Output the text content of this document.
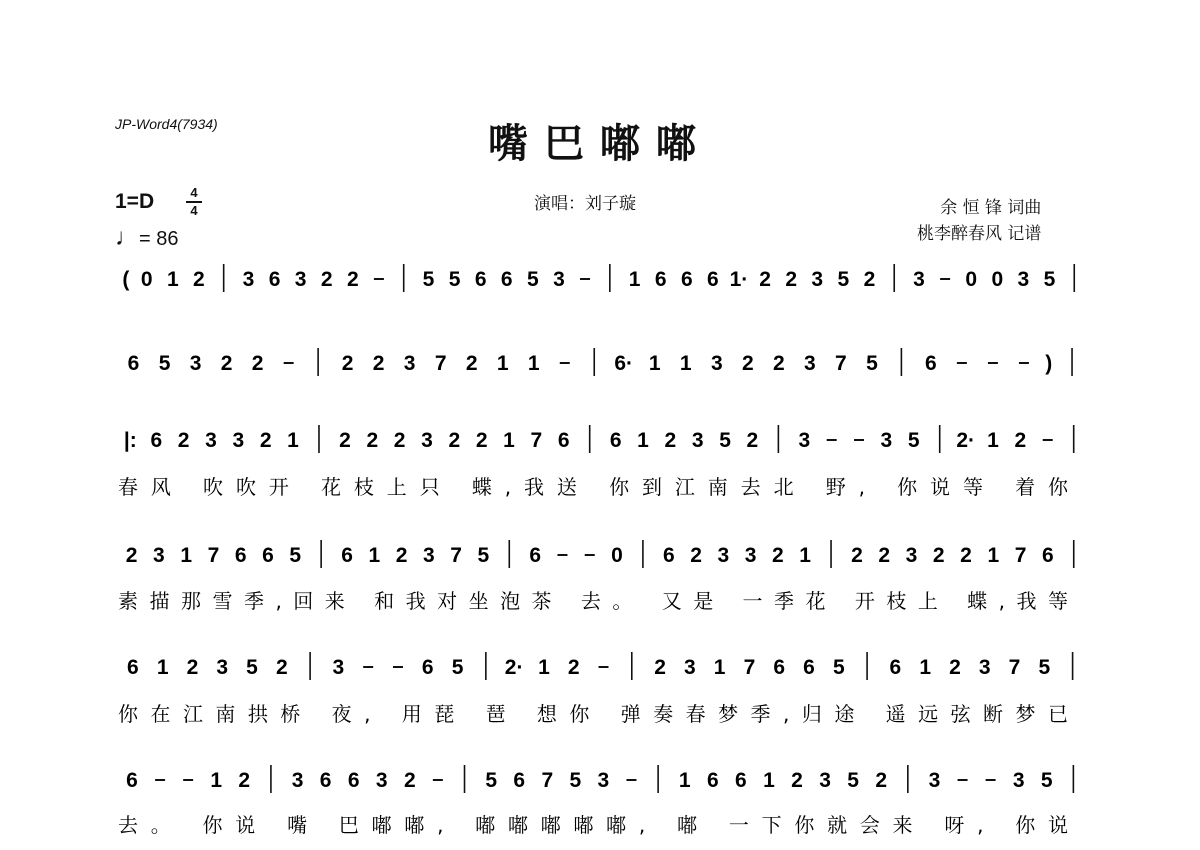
JP-Word4(7934)	嘴巴嘟嘟
1=D	4
4
♩= 86
演唱：刘子璇	余 恒 锋 词曲
桃李醉春风 记谱
( 0 1 2 3 6 3 2 2	5 5 6 6 5 3	1 6 6 6 1· 2 2 3 5 2 3 0 0 3 5
6 5 3 2 2	2 2 3 7 2 1 1	6· 1 1 3 2 2 3 7 5 6	)
|: 6 2 3 3 2 1 2 2 2 3 2 2 1 7 6 6 1 2 3 5 2 3	3 5 2· 1 2
春风 吹吹开 花枝上只 蝶,我送 你到江南去北 野, 你说等 着你
2 3 1 7 6 6 5 6 1 2 3 7 5 6	0 6 2 3 3 2 1 2 2 3 2 2 1 7 6
素描那雪季,回来 和我对坐泡茶 去。 又是 一季花 开枝上 蝶,我等
6 1 2 3 5 2 3	6 5 2· 1 2	2 3 1 7 6 6 5 6 1 2 3 7 5
你在江南拱桥 夜, 用琵 琶 想你 弹奏春梦季,归途 遥远弦断梦已
6	1 2 3 6 6 3 2	5 6 7 5 3	1 6 6 1 2 3 5 2 3	3 5
去。 你说 嘴 巴嘟嘟, 嘟嘟嘟嘟嘟, 嘟 一下你就会来 呀, 你说
